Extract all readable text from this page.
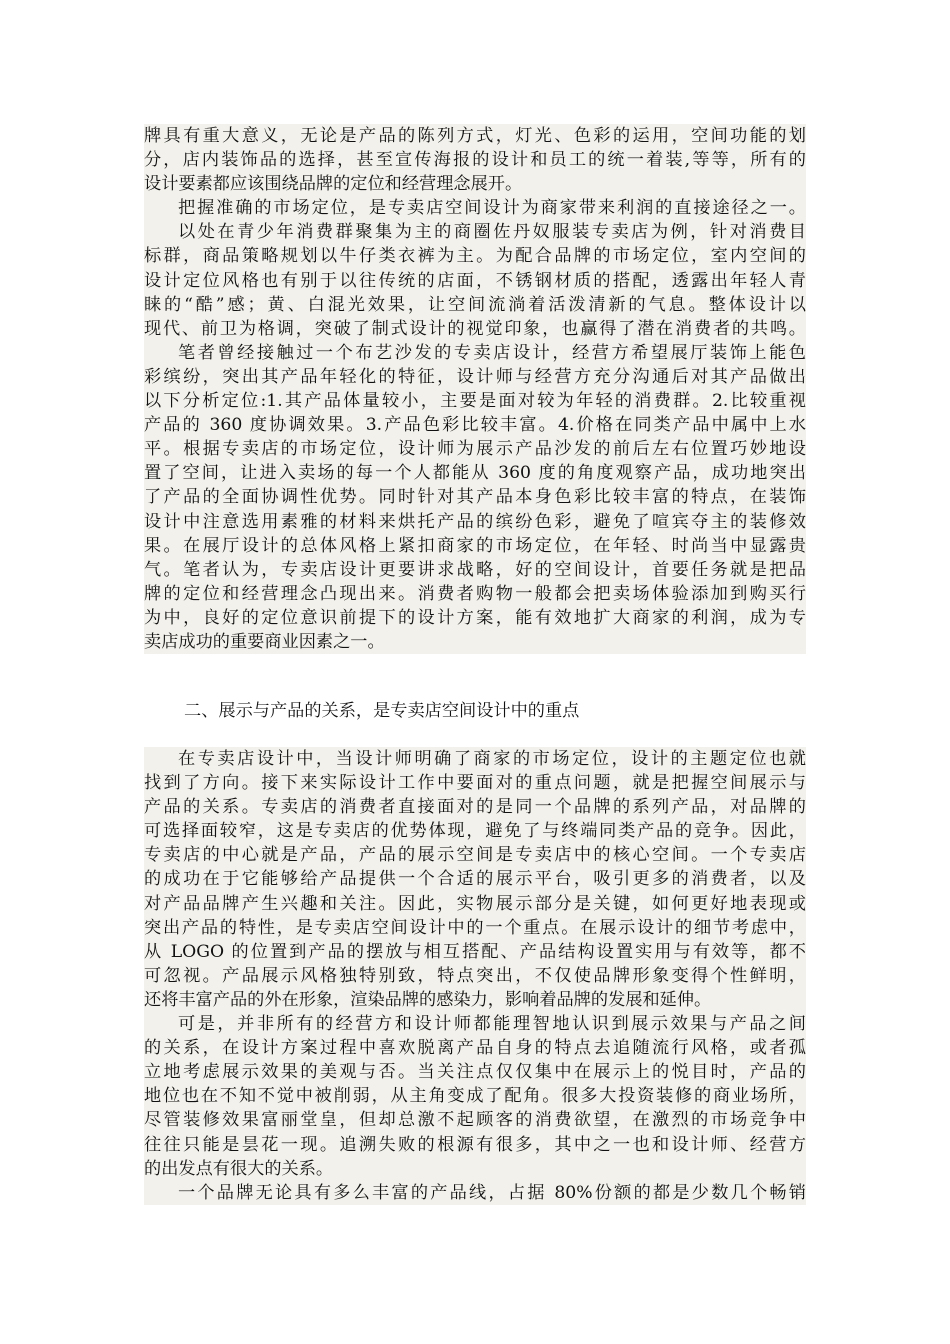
牌具有重大意义，无论是产品的陈列方式，灯光、色彩的运用，空间功能的划
分，店内装饰品的选择，甚至宣传海报的设计和员工的统一着装,等等，所有的
设计要素都应该围绕品牌的定位和经营理念展开。
把握准确的市场定位，是专卖店空间设计为商家带来利润的直接途径之一。
以处在青少年消费群聚集为主的商圈佐丹奴服装专卖店为例，针对消费目
标群，商品策略规划以牛仔类衣裤为主。为配合品牌的市场定位，室内空间的
设计定位风格也有别于以往传统的店面，不锈钢材质的搭配，透露出年轻人青
睐的“酷”感；黄、白混光效果，让空间流淌着活泼清新的气息。整体设计以
现代、前卫为格调，突破了制式设计的视觉印象，也赢得了潜在消费者的共鸣。
笔者曾经接触过一个布艺沙发的专卖店设计，经营方希望展厅装饰上能色
彩缤纷，突出其产品年轻化的特征，设计师与经营方充分沟通后对其产品做出
以下分析定位:1.其产品体量较小，主要是面对较为年轻的消费群。2.比较重视
产品的 360 度协调效果。3.产品色彩比较丰富。4.价格在同类产品中属中上水
平。根据专卖店的市场定位，设计师为展示产品沙发的前后左右位置巧妙地设
置了空间，让进入卖场的每一个人都能从 360 度的角度观察产品，成功地突出
了产品的全面协调性优势。同时针对其产品本身色彩比较丰富的特点，在装饰
设计中注意选用素雅的材料来烘托产品的缤纷色彩，避免了喧宾夺主的装修效
果。在展厅设计的总体风格上紧扣商家的市场定位，在年轻、时尚当中显露贵
气。笔者认为，专卖店设计更要讲求战略，好的空间设计，首要任务就是把品
牌的定位和经营理念凸现出来。消费者购物一般都会把卖场体验添加到购买行
为中，良好的定位意识前提下的设计方案，能有效地扩大商家的利润，成为专
卖店成功的重要商业因素之一。
二、展示与产品的关系，是专卖店空间设计中的重点
在专卖店设计中，当设计师明确了商家的市场定位，设计的主题定位也就
找到了方向。接下来实际设计工作中要面对的重点问题，就是把握空间展示与
产品的关系。专卖店的消费者直接面对的是同一个品牌的系列产品，对品牌的
可选择面较窄，这是专卖店的优势体现，避免了与终端同类产品的竞争。因此，
专卖店的中心就是产品，产品的展示空间是专卖店中的核心空间。一个专卖店
的成功在于它能够给产品提供一个合适的展示平台，吸引更多的消费者，以及
对产品品牌产生兴趣和关注。因此，实物展示部分是关键，如何更好地表现或
突出产品的特性，是专卖店空间设计中的一个重点。在展示设计的细节考虑中，
从 LOGO 的位置到产品的摆放与相互搭配、产品结构设置实用与有效等，都不
可忽视。产品展示风格独特别致，特点突出，不仅使品牌形象变得个性鲜明，
还将丰富产品的外在形象，渲染品牌的感染力，影响着品牌的发展和延伸。
可是，并非所有的经营方和设计师都能理智地认识到展示效果与产品之间
的关系，在设计方案过程中喜欢脱离产品自身的特点去追随流行风格，或者孤
立地考虑展示效果的美观与否。当关注点仅仅集中在展示上的悦目时，产品的
地位也在不知不觉中被削弱，从主角变成了配角。很多大投资装修的商业场所，
尽管装修效果富丽堂皇，但却总激不起顾客的消费欲望，在激烈的市场竞争中
往往只能是昙花一现。追溯失败的根源有很多，其中之一也和设计师、经营方
的出发点有很大的关系。
一个品牌无论具有多么丰富的产品线，占据 80%份额的都是少数几个畅销
